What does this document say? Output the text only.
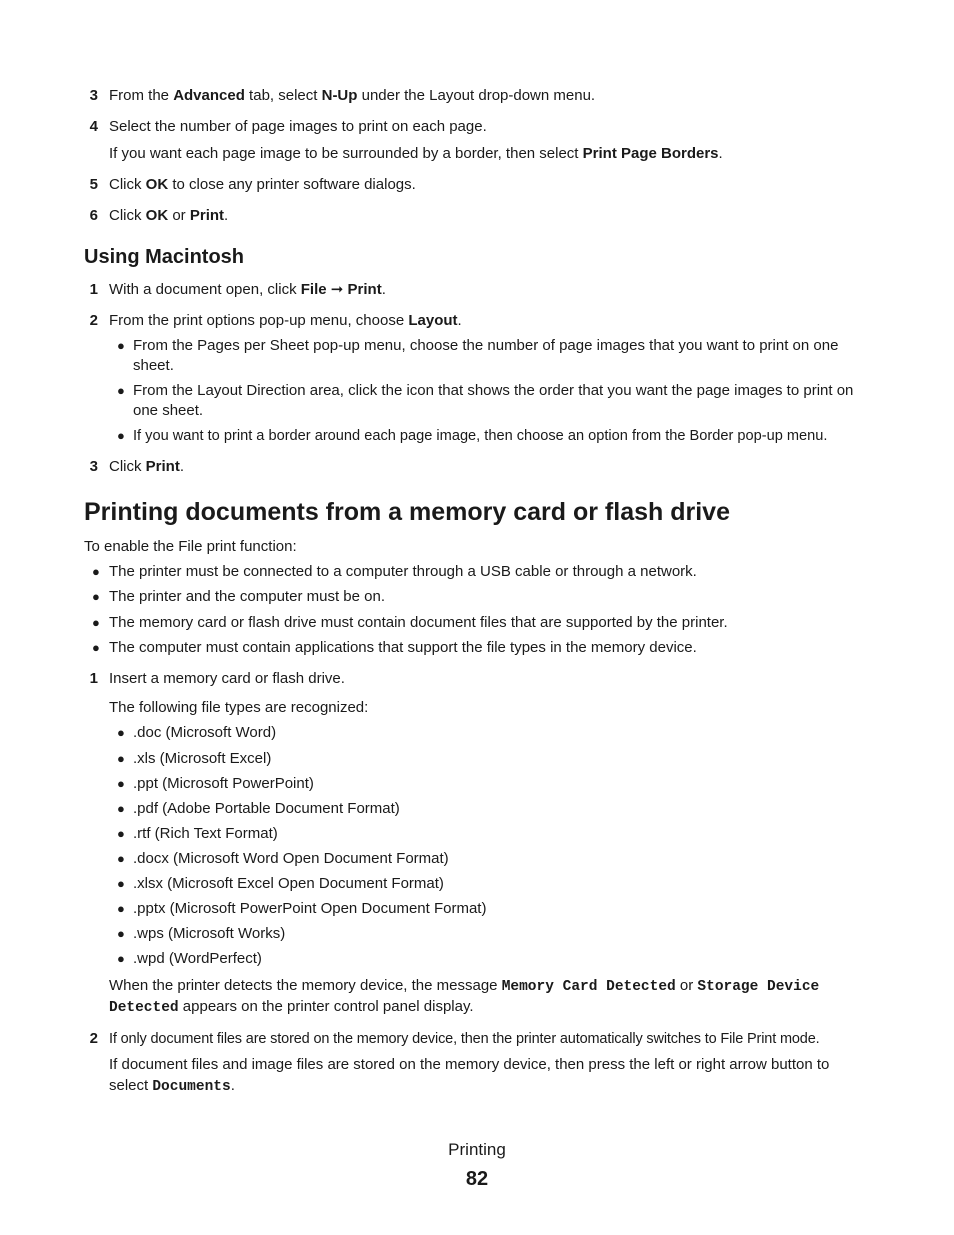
3 From the Advanced tab, select N-Up under the Layout drop-down menu.
4 Select the number of page images to print on each page.
If you want each page image to be surrounded by a border, then select Print Page Borders.
5 Click OK to close any printer software dialogs.
6 Click OK or Print.
Using Macintosh
1 With a document open, click File ➞ Print.
2 From the print options pop-up menu, choose Layout.
● From the Pages per Sheet pop-up menu, choose the number of page images that you want to print on one sheet.
● From the Layout Direction area, click the icon that shows the order that you want the page images to print on one sheet.
● If you want to print a border around each page image, then choose an option from the Border pop-up menu.
3 Click Print.
Printing documents from a memory card or flash drive
To enable the File print function:
● The printer must be connected to a computer through a USB cable or through a network.
● The printer and the computer must be on.
● The memory card or flash drive must contain document files that are supported by the printer.
● The computer must contain applications that support the file types in the memory device.
1 Insert a memory card or flash drive.
The following file types are recognized:
● .doc (Microsoft Word)
● .xls (Microsoft Excel)
● .ppt (Microsoft PowerPoint)
● .pdf (Adobe Portable Document Format)
● .rtf (Rich Text Format)
● .docx (Microsoft Word Open Document Format)
● .xlsx (Microsoft Excel Open Document Format)
● .pptx (Microsoft PowerPoint Open Document Format)
● .wps (Microsoft Works)
● .wpd (WordPerfect)
When the printer detects the memory device, the message Memory Card Detected or Storage Device
Detected appears on the printer control panel display.
2 If only document files are stored on the memory device, then the printer automatically switches to File Print mode.
If document files and image files are stored on the memory device, then press the left or right arrow button to
select Documents.
Printing
82
